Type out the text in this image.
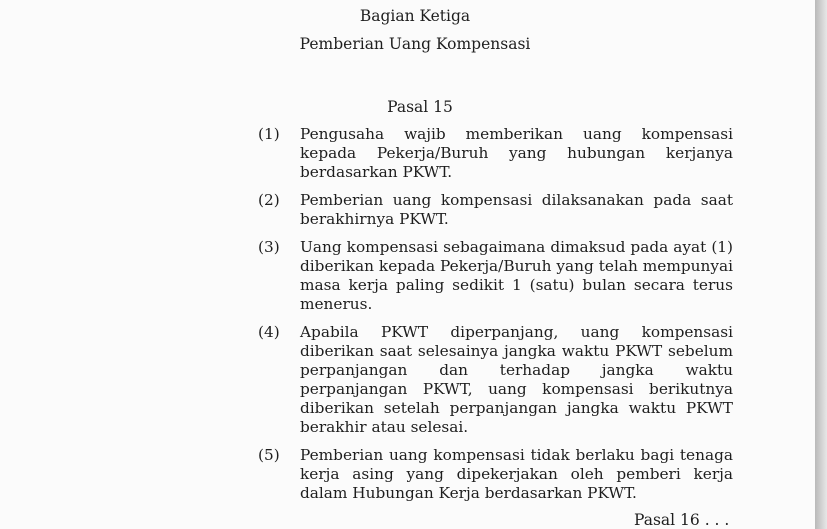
Bagian Ketiga
Pemberian Uang Kompensasi
Pasal 15
(1)	Pengusaha wajib memberikan uang kompensasi kepada Pekerja/Buruh yang hubungan kerjanya berdasarkan PKWT.
(2)	Pemberian uang kompensasi dilaksanakan pada saat berakhirnya PKWT.
(3)	Uang kompensasi sebagaimana dimaksud pada ayat (1) diberikan kepada Pekerja/Buruh yang telah mempunyai masa kerja paling sedikit 1 (satu) bulan secara terus menerus.
(4)	Apabila PKWT diperpanjang, uang kompensasi diberikan saat selesainya jangka waktu PKWT sebelum perpanjangan dan terhadap jangka waktu perpanjangan PKWT, uang kompensasi berikutnya diberikan setelah perpanjangan jangka waktu PKWT berakhir atau selesai.
(5)	Pemberian uang kompensasi tidak berlaku bagi tenaga kerja asing yang dipekerjakan oleh pemberi kerja dalam Hubungan Kerja berdasarkan PKWT.
Pasal 16 . . .
